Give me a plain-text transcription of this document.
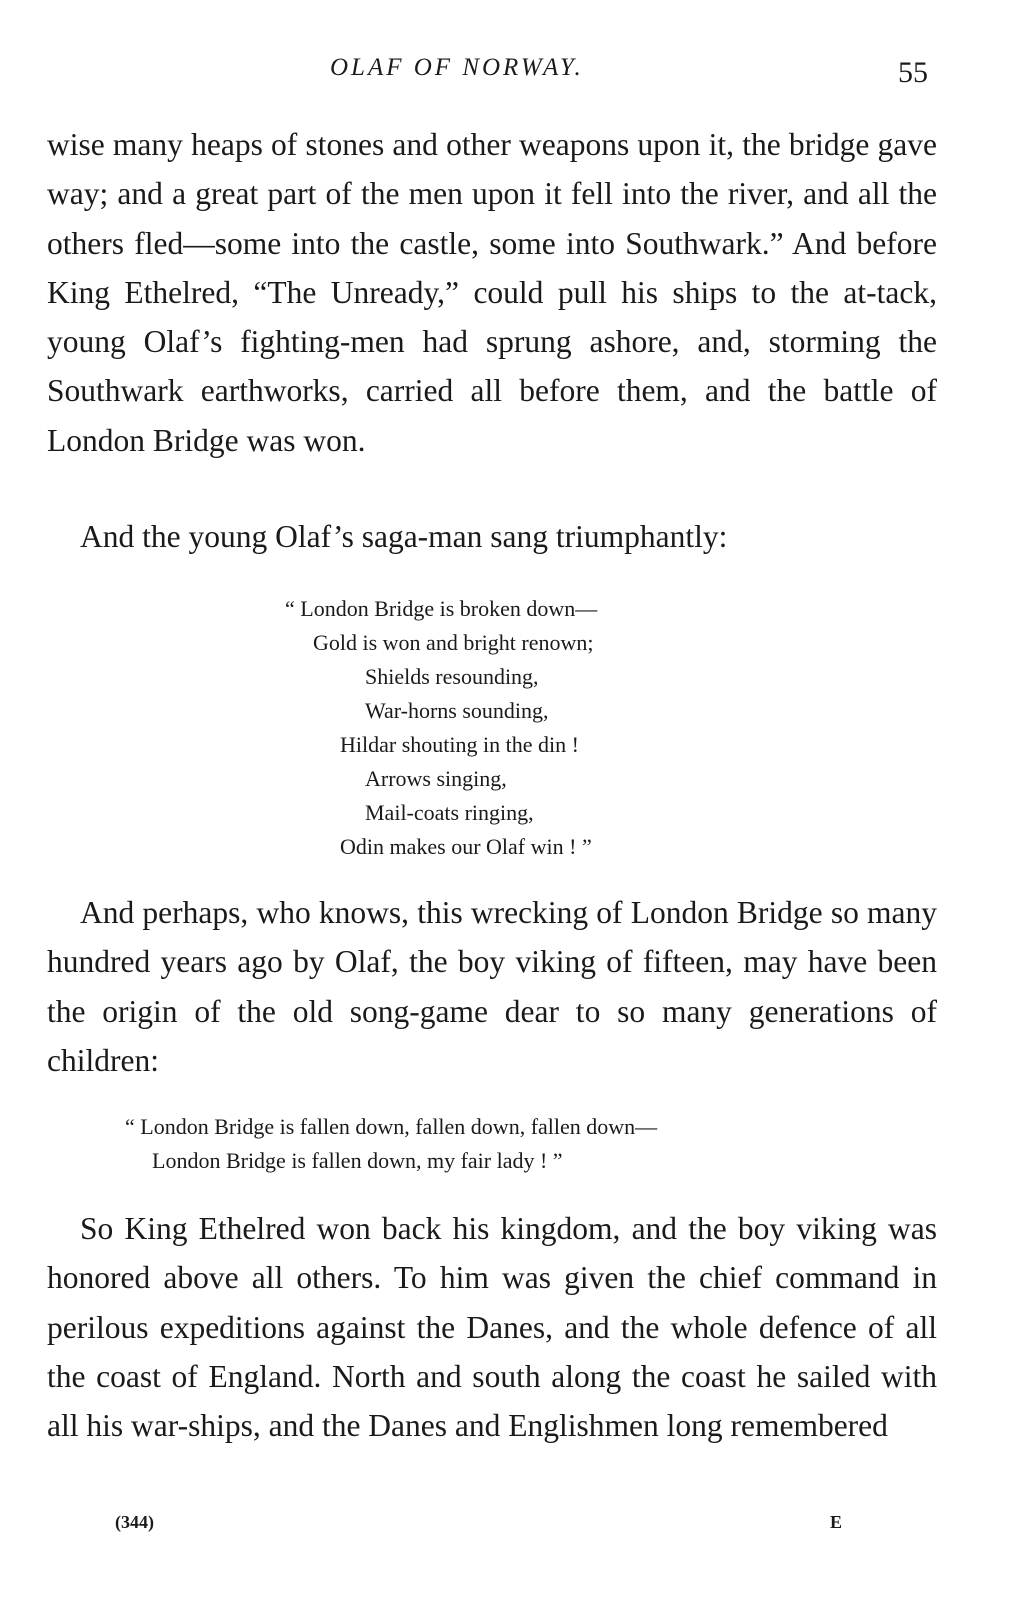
OLAF OF NORWAY.	55

wise many heaps of stones and other weapons upon it, the bridge gave way; and a great part of the men upon it fell into the river, and all the others fled—some into the castle, some into Southwark.” And before King Ethelred, “The Unready,” could pull his ships to the at-tack, young Olaf’s fighting-men had sprung ashore, and, storming the Southwark earthworks, carried all before them, and the battle of London Bridge was won.

And the young Olaf’s saga-man sang triumphantly:

“ London Bridge is broken down—
Gold is won and bright renown;
Shields resounding,
War-horns sounding,
Hildar shouting in the din !
Arrows singing,
Mail-coats ringing,
Odin makes our Olaf win ! ”

And perhaps, who knows, this wrecking of London Bridge so many hundred years ago by Olaf, the boy viking of fifteen, may have been the origin of the old song-game dear to so many generations of children:

“ London Bridge is fallen down, fallen down, fallen down—
London Bridge is fallen down, my fair lady ! ”

So King Ethelred won back his kingdom, and the boy viking was honored above all others. To him was given the chief command in perilous expeditions against the Danes, and the whole defence of all the coast of England. North and south along the coast he sailed with all his war-ships, and the Danes and Englishmen long remembered

(344)	E
